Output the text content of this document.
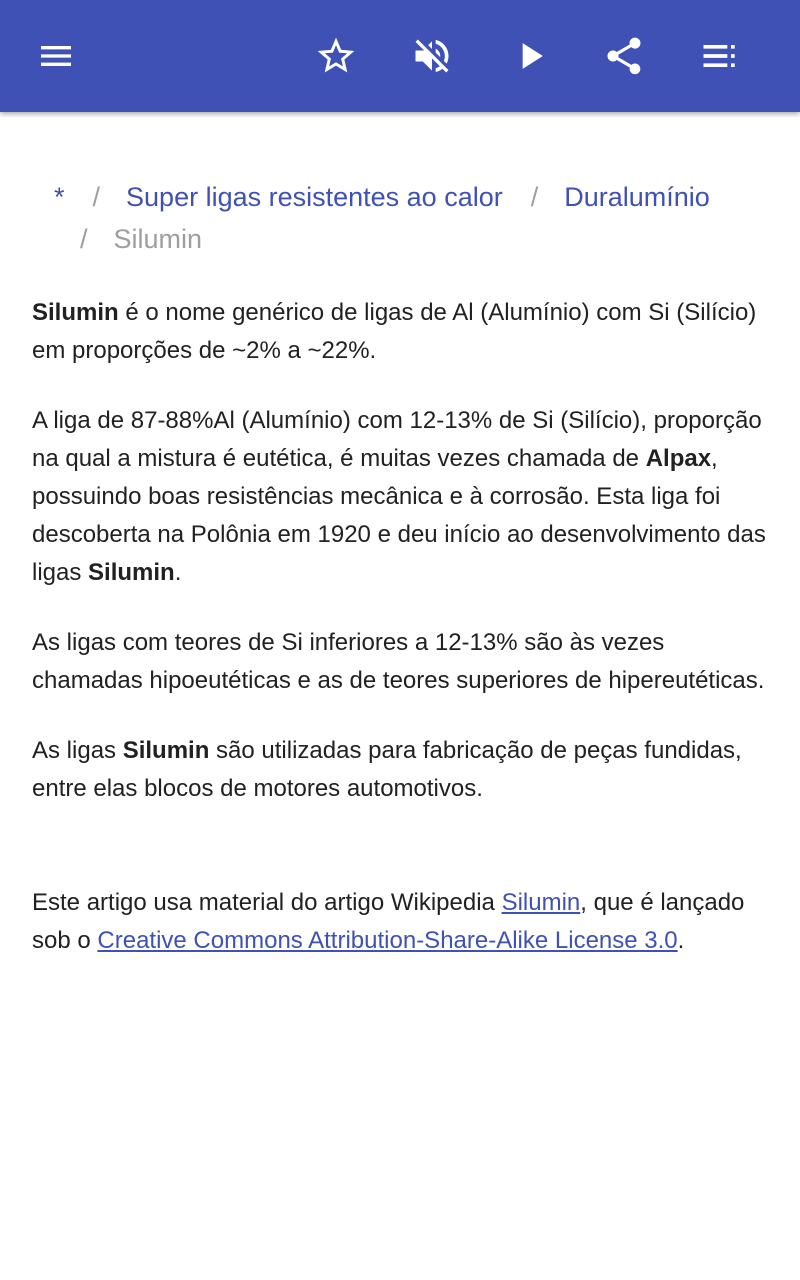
* / Super ligas resistentes ao calor / Duralumínio
/ Silumin

Silumin é o nome genérico de ligas de Al (Alumínio) com Si (Silício) em proporções de ~2% a ~22%.

A liga de 87-88%Al (Alumínio) com 12-13% de Si (Silício), proporção na qual a mistura é eutética, é muitas vezes chamada de Alpax, possuindo boas resistências mecânica e à corrosão. Esta liga foi descoberta na Polônia em 1920 e deu início ao desenvolvimento das ligas Silumin.

As ligas com teores de Si inferiores a 12-13% são às vezes chamadas hipoeutéticas e as de teores superiores de hipereutéticas.

As ligas Silumin são utilizadas para fabricação de peças fundidas, entre elas blocos de motores automotivos.

Este artigo usa material do artigo Wikipedia Silumin, que é lançado sob o Creative Commons Attribution-Share-Alike License 3.0.
